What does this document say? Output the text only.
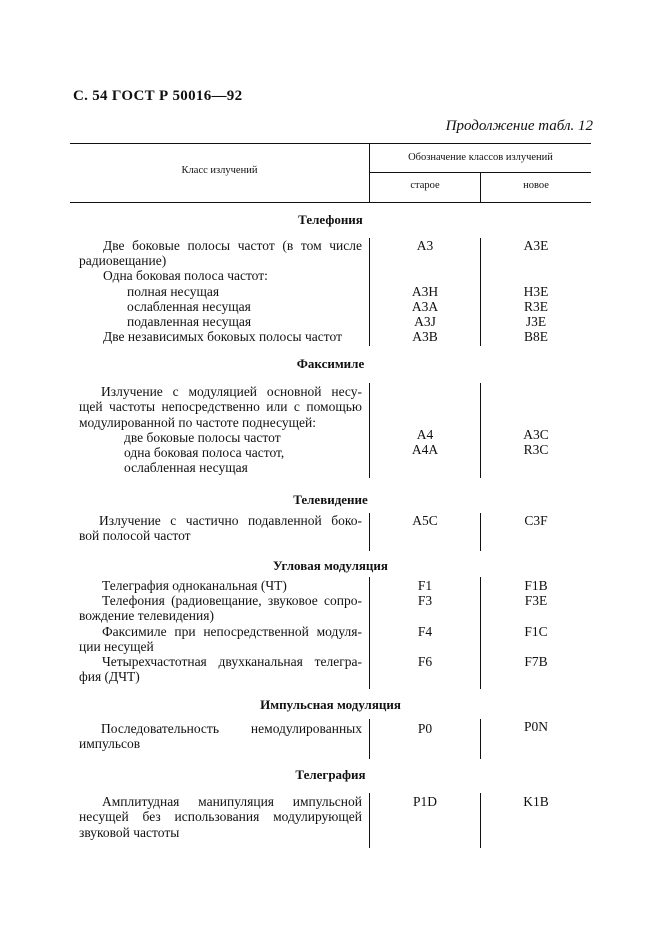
С. 54 ГОСТ Р 50016—92
Продолжение табл. 12
Класс излучений
Обозначение классов излучений
старое	новое
Телефония
Две боковые полосы частот (в том числе
радиовещание)
A3	A3E
Одна боковая полоса частот:
полная несущая	A3H	H3E
ослабленная несущая	A3A	R3E
подавленная несущая	A3J	J3E
Две независимых боковых полосы частот	A3B	B8E
Факсимиле
Излучение с модуляцией основной несу-
щей частоты непосредственно или с помощью
модулированной по частоте поднесущей:
две боковые полосы частот	A4	A3C
одна боковая полоса частот,	A4A	R3C
ослабленная несущая
Телевидение
Излучение с частично подавленной боко-
вой полосой частот
A5C	C3F
Угловая модуляция
Телеграфия одноканальная (ЧТ)	F1	F1B
Телефония (радиовещание, звуковое сопро-
вождение телевидения)
F3	F3E
Факсимиле при непосредственной модуля-
ции несущей
F4	F1C
Четырехчастотная двухканальная телегра-
фия (ДЧТ)
F6	F7B
Импульсная модуляция
Последовательность немодулированных
импульсов
P0	P0N
Телеграфия
Амплитудная манипуляция импульсной
несущей без использования модулирующей
звуковой частоты
P1D	K1B
